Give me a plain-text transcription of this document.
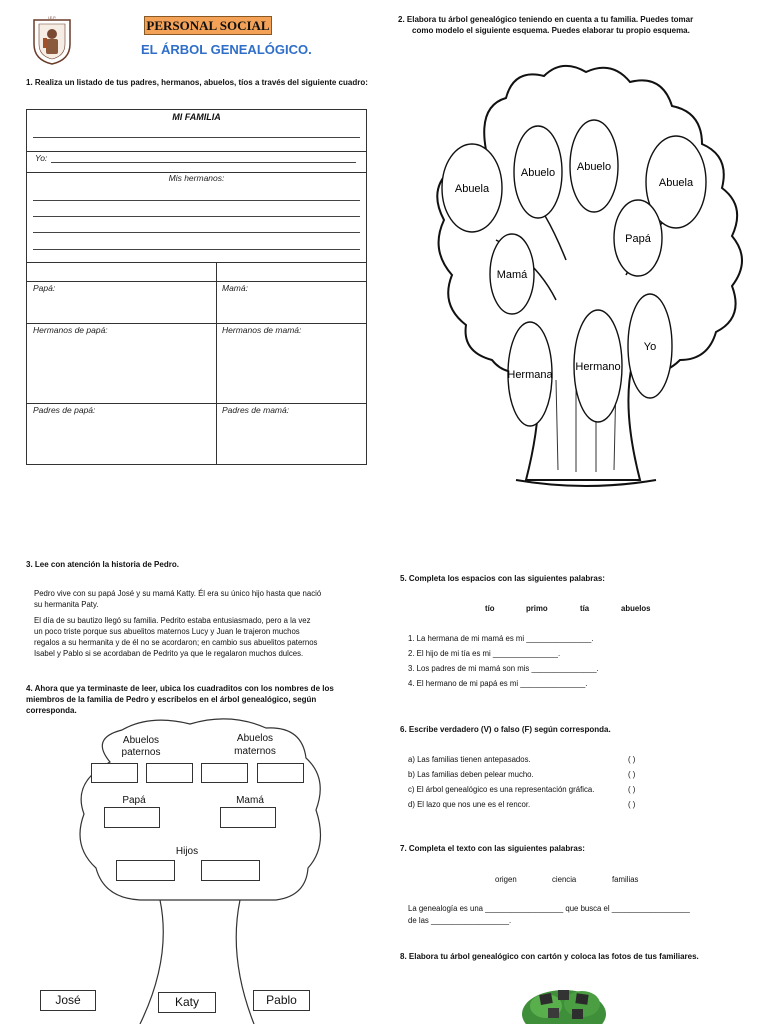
I.E.P.	PERSONAL SOCIAL
EL ÁRBOL GENEALÓGICO.
1. Realiza un listado de tus padres, hermanos, abuelos, tíos a través del siguiente cuadro:
MI FAMILIA
Yo:
Mis hermanos:
Papá:	Mamá:
Hermanos de papá:	Hermanos de mamá:
Padres de papá:	Padres de mamá:
2. Elabora tu árbol genealógico teniendo en cuenta a tu familia. Puedes tomar
como modelo el siguiente esquema. Puedes elaborar tu propio esquema.
Abuela
Abuelo Abuelo
Abuela
Papá
Mamá
Yo
Hermana
Hermano
3. Lee con atención la historia de Pedro.
Pedro vive con su papá José y su mamá Katty. Él era su único hijo hasta que nació
su hermanita Paty.
El día de su bautizo llegó su familia. Pedrito estaba entusiasmado, pero a la vez
un poco triste porque sus abuelitos maternos Lucy y Juan le trajeron muchos
regalos a su hermanita y de él no se acordaron; en cambio sus abuelitos paternos
Isabel y Pablo si se acordaban de Pedrito ya que le regalaron muchos dulces.
4. Ahora que ya terminaste de leer, ubica los cuadraditos con los nombres de los
miembros de la familia de Pedro y escríbelos en el árbol genealógico, según
corresponda.
Abuelos
paternos
Abuelos
maternos
Papá	Mamá
Hijos
José	Katy	Pablo
5. Completa los espacios con las siguientes palabras:
tío	primo	tía	abuelos
1. La hermana de mi mamá es mi _______________.
2. El hijo de mi tía es mi _______________.
3. Los padres de mi mamá son mis _______________.
4. El hermano de mi papá es mi _______________.
6. Escribe verdadero (V) o falso (F) según corresponda.
a) Las familias tienen antepasados.	( )
b) Las familias deben pelear mucho.	( )
c) El árbol genealógico es una representación gráfica.	( )
d) El lazo que nos une es el rencor.	( )
7. Completa el texto con las siguientes palabras:
origen	ciencia	familias
La genealogía es una __________________ que busca el __________________
de las __________________.
8. Elabora tu árbol genealógico con cartón y coloca las fotos de tus familiares.
